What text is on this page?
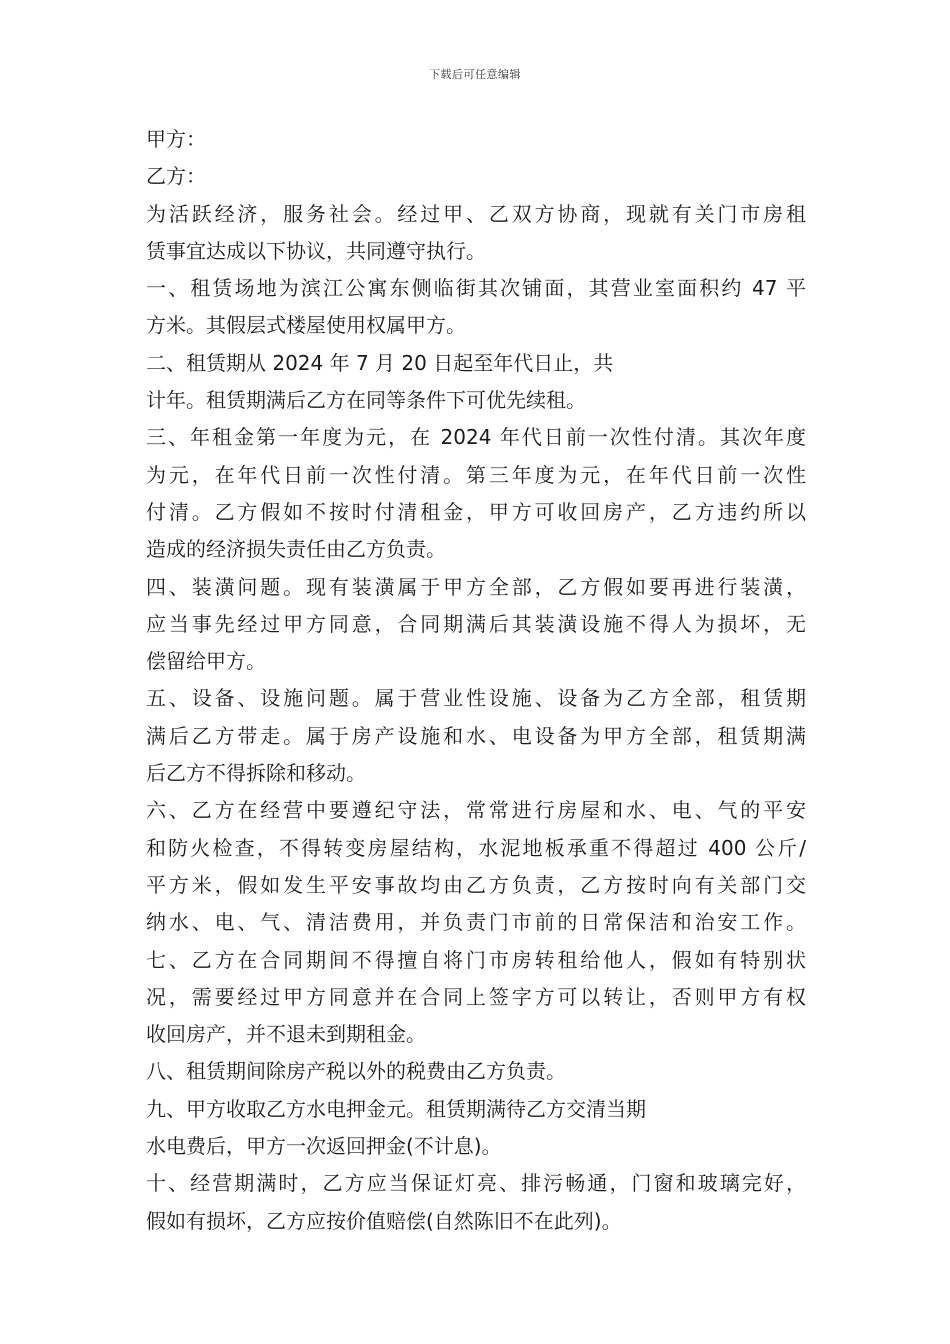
下载后可任意编辑
甲方：
乙方：
为活跃经济，服务社会。经过甲、乙双方协商，现就有关门市房租
赁事宜达成以下协议，共同遵守执行。
一、租赁场地为滨江公寓东侧临街其次铺面，其营业室面积约 47 平
方米。其假层式楼屋使用权属甲方。
二、租赁期从 2024 年 7 月 20 日起至年代日止，共
计年。租赁期满后乙方在同等条件下可优先续租。
三、年租金第一年度为元，在 2024 年代日前一次性付清。其次年度
为元，在年代日前一次性付清。第三年度为元，在年代日前一次性
付清。乙方假如不按时付清租金，甲方可收回房产，乙方违约所以
造成的经济损失责任由乙方负责。
四、装潢问题。现有装潢属于甲方全部，乙方假如要再进行装潢，
应当事先经过甲方同意，合同期满后其装潢设施不得人为损坏，无
偿留给甲方。
五、设备、设施问题。属于营业性设施、设备为乙方全部，租赁期
满后乙方带走。属于房产设施和水、电设备为甲方全部，租赁期满
后乙方不得拆除和移动。
六、乙方在经营中要遵纪守法，常常进行房屋和水、电、气的平安
和防火检查，不得转变房屋结构，水泥地板承重不得超过 400 公斤/
平方米，假如发生平安事故均由乙方负责，乙方按时向有关部门交
纳水、电、气、清洁费用，并负责门市前的日常保洁和治安工作。
七、乙方在合同期间不得擅自将门市房转租给他人，假如有特别状
况，需要经过甲方同意并在合同上签字方可以转让，否则甲方有权
收回房产，并不退未到期租金。
八、租赁期间除房产税以外的税费由乙方负责。
九、甲方收取乙方水电押金元。租赁期满待乙方交清当期
水电费后，甲方一次返回押金(不计息)。
十、经营期满时，乙方应当保证灯亮、排污畅通，门窗和玻璃完好，
假如有损坏，乙方应按价值赔偿(自然陈旧不在此列)。
